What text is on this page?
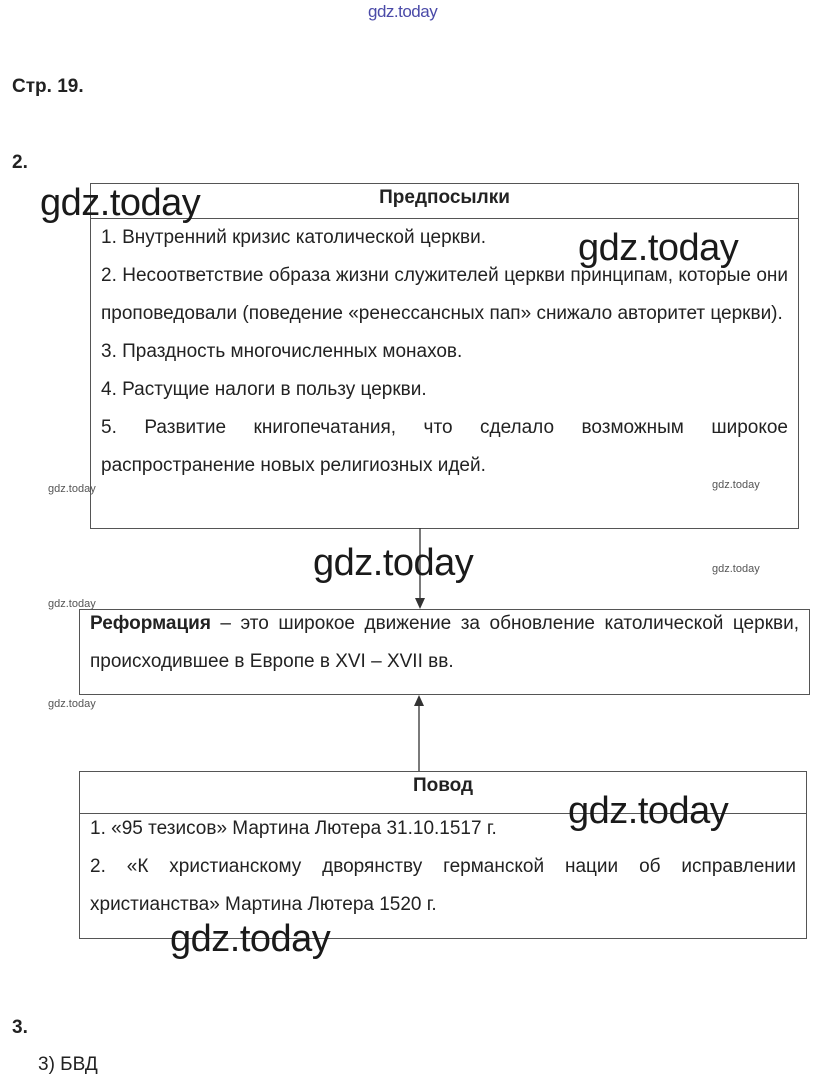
gdz.today
Стр. 19.
2.
Предпосылки

1. Внутренний кризис католической церкви.

2. Несоответствие образа жизни служителей церкви принципам, которые они проповедовали (поведение «ренессансных пап» снижало авторитет церкви).

3. Праздность многочисленных монахов.

4. Растущие налоги в пользу церкви.

5. Развитие книгопечатания, что сделало возможным широкое распространение новых религиозных идей.

Реформация – это широкое движение за обновление католической церкви, происходившее в Европе в XVI – XVII вв.

Повод

1. «95 тезисов» Мартина Лютера 31.10.1517 г.

2. «К христианскому дворянству германской нации об исправлении христианства» Мартина Лютера 1520 г.

3.
3) БВД
gdz.today
gdz.today
gdz.today
gdz.today
gdz.today
gdz.today	gdz.today
gdz.today
gdz.today
gdz.today
